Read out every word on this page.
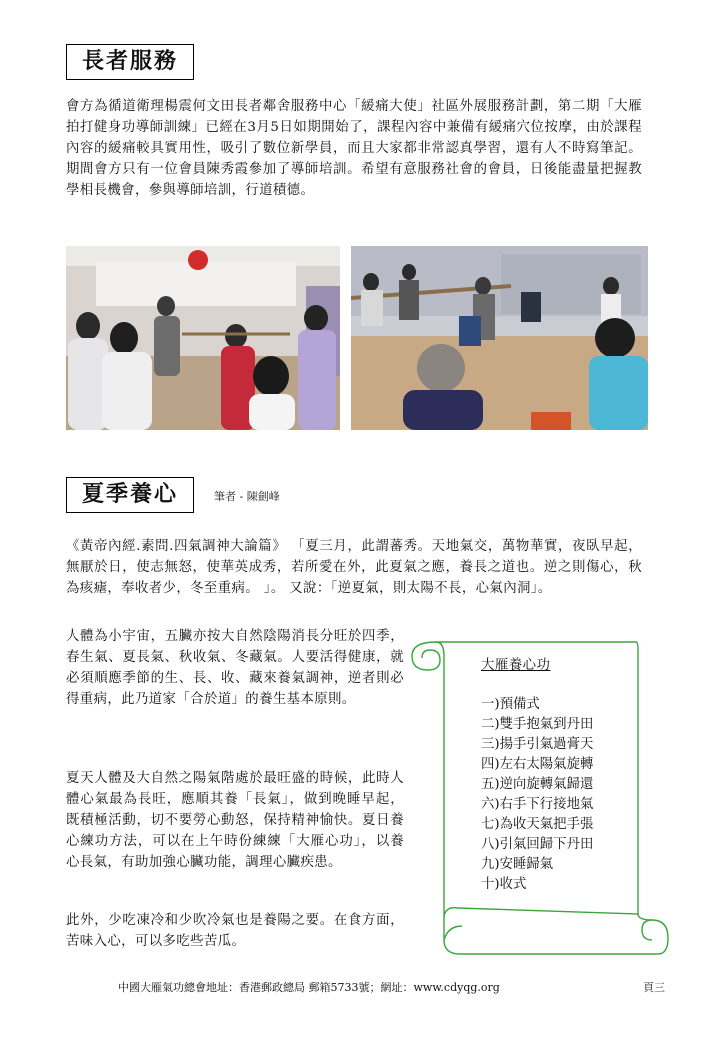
長者服務

會方為循道衛理楊震何文田長者鄰舍服務中心「緩痛大使」社區外展服務計劃，第二期「大雁拍打健身功導師訓練」已經在3月5日如期開始了，課程內容中兼備有緩痛穴位按摩，由於課程內容的緩痛較具實用性，吸引了數位新學員，而且大家都非常認真學習，還有人不時寫筆記。期間會方只有一位會員陳秀霞參加了導師培訓。希望有意服務社會的會員，日後能盡量把握教學相長機會，參與導師培訓，行道積德。

夏季養心	筆者 - 陳劍峰

《黃帝內經.素問.四氣調神大論篇》 「夏三月，此謂蕃秀。天地氣交，萬物華實，夜臥早起，無厭於日，使志無怒，使華英成秀，若所愛在外，此夏氣之應，養長之道也。逆之則傷心，秋為痎瘧，奉收者少，冬至重病。 」。 又說：「逆夏氣，則太陽不長，心氣內洞」。

人體為小宇宙，五臟亦按大自然陰陽消長分旺於四季，春生氣、夏長氣、秋收氣、冬藏氣。人要活得健康，就必須順應季節的生、長、收、藏來養氣調神，逆者則必得重病，此乃道家「合於道」的養生基本原則。

夏天人體及大自然之陽氣階處於最旺盛的時候，此時人體心氣最為長旺，應順其養「長氣」，做到晚睡早起，既積極活動，切不要勞心動怒，保持精神愉快。夏日養心練功方法，可以在上午時份練練「大雁心功」，以養心長氣，有助加強心臟功能，調理心臟疾患。

此外，少吃凍冷和少吹冷氣也是養陽之要。在食方面，苦味入心，可以多吃些苦瓜。

大雁養心功
一)預備式
二)雙手抱氣到丹田
三)揚手引氣過膏天
四)左右太陽氣旋轉
五)逆向旋轉氣歸還
六)右手下行接地氣
七)為收天氣把手張
八)引氣回歸下丹田
九)安睡歸氣
十)收式
中國大雁氣功總會地址：香港郵政總局 郵箱5733號；網址：www.cdyqg.org	頁三
